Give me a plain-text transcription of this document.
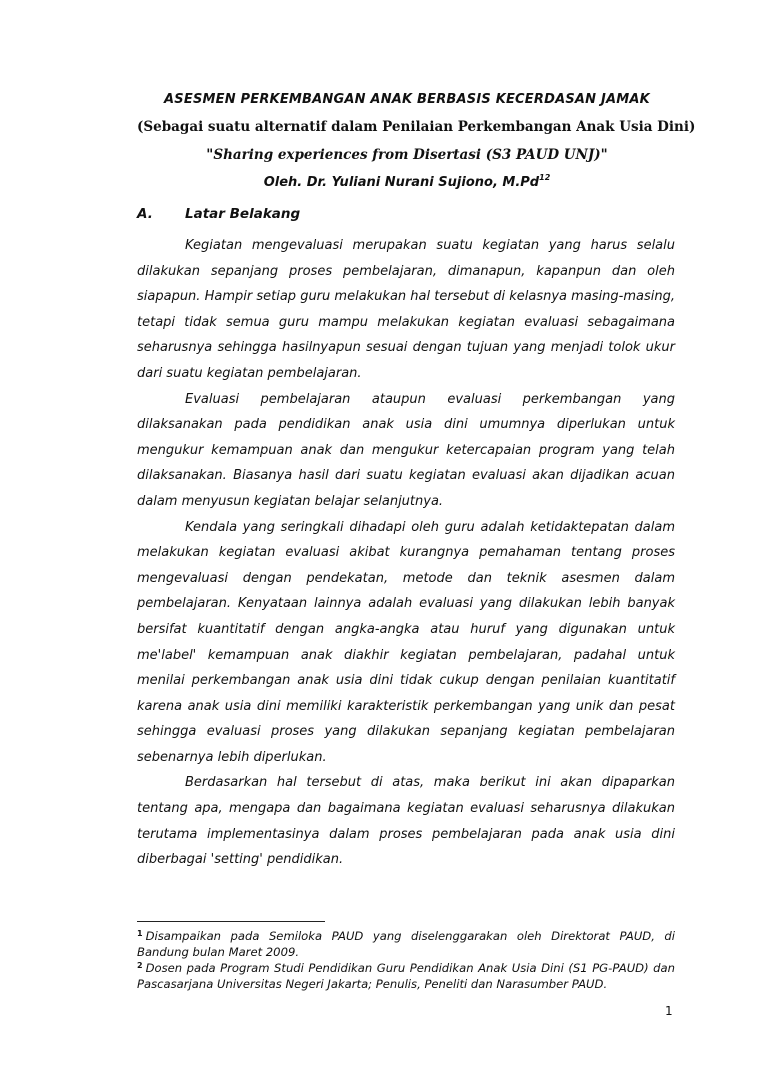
ASESMEN PERKEMBANGAN ANAK BERBASIS KECERDASAN JAMAK
(Sebagai suatu alternatif dalam Penilaian Perkembangan Anak Usia Dini)
"Sharing experiences from Disertasi (S3 PAUD UNJ)"
Oleh. Dr. Yuliani Nurani Sujiono, M.Pd$^{12}$
A. Latar Belakang

Kegiatan mengevaluasi merupakan suatu kegiatan yang harus selalu dilakukan sepanjang proses pembelajaran, dimanapun, kapanpun dan oleh siapapun. Hampir setiap guru melakukan hal tersebut di kelasnya masing-masing, tetapi tidak semua guru mampu melakukan kegiatan evaluasi sebagaimana seharusnya sehingga hasilnyapun sesuai dengan tujuan yang menjadi tolok ukur dari suatu kegiatan pembelajaran.

Evaluasi pembelajaran ataupun evaluasi perkembangan yang dilaksanakan pada pendidikan anak usia dini umumnya diperlukan untuk mengukur kemampuan anak dan mengukur ketercapaian program yang telah dilaksanakan. Biasanya hasil dari suatu kegiatan evaluasi akan dijadikan acuan dalam menyusun kegiatan belajar selanjutnya.

Kendala yang seringkali dihadapi oleh guru adalah ketidaktepatan dalam melakukan kegiatan evaluasi akibat kurangnya pemahaman tentang proses mengevaluasi dengan pendekatan, metode dan teknik asesmen dalam pembelajaran. Kenyataan lainnya adalah evaluasi yang dilakukan lebih banyak bersifat kuantitatif dengan angka-angka atau huruf yang digunakan untuk me'label' kemampuan anak diakhir kegiatan pembelajaran, padahal untuk menilai perkembangan anak usia dini tidak cukup dengan penilaian kuantitatif karena anak usia dini memiliki karakteristik perkembangan yang unik dan pesat sehingga evaluasi proses yang dilakukan sepanjang kegiatan pembelajaran sebenarnya lebih diperlukan.

Berdasarkan hal tersebut di atas, maka berikut ini akan dipaparkan tentang apa, mengapa dan bagaimana kegiatan evaluasi seharusnya dilakukan terutama implementasinya dalam proses pembelajaran pada anak usia dini diberbagai 'setting' pendidikan.

$^1$ Disampaikan pada Semiloka PAUD yang diselenggarakan oleh Direktorat PAUD, di Bandung bulan Maret 2009.

$^2$ Dosen pada Program Studi Pendidikan Guru Pendidikan Anak Usia Dini (S1 PG-PAUD) dan Pascasarjana Universitas Negeri Jakarta; Penulis, Peneliti dan Narasumber PAUD.

1
